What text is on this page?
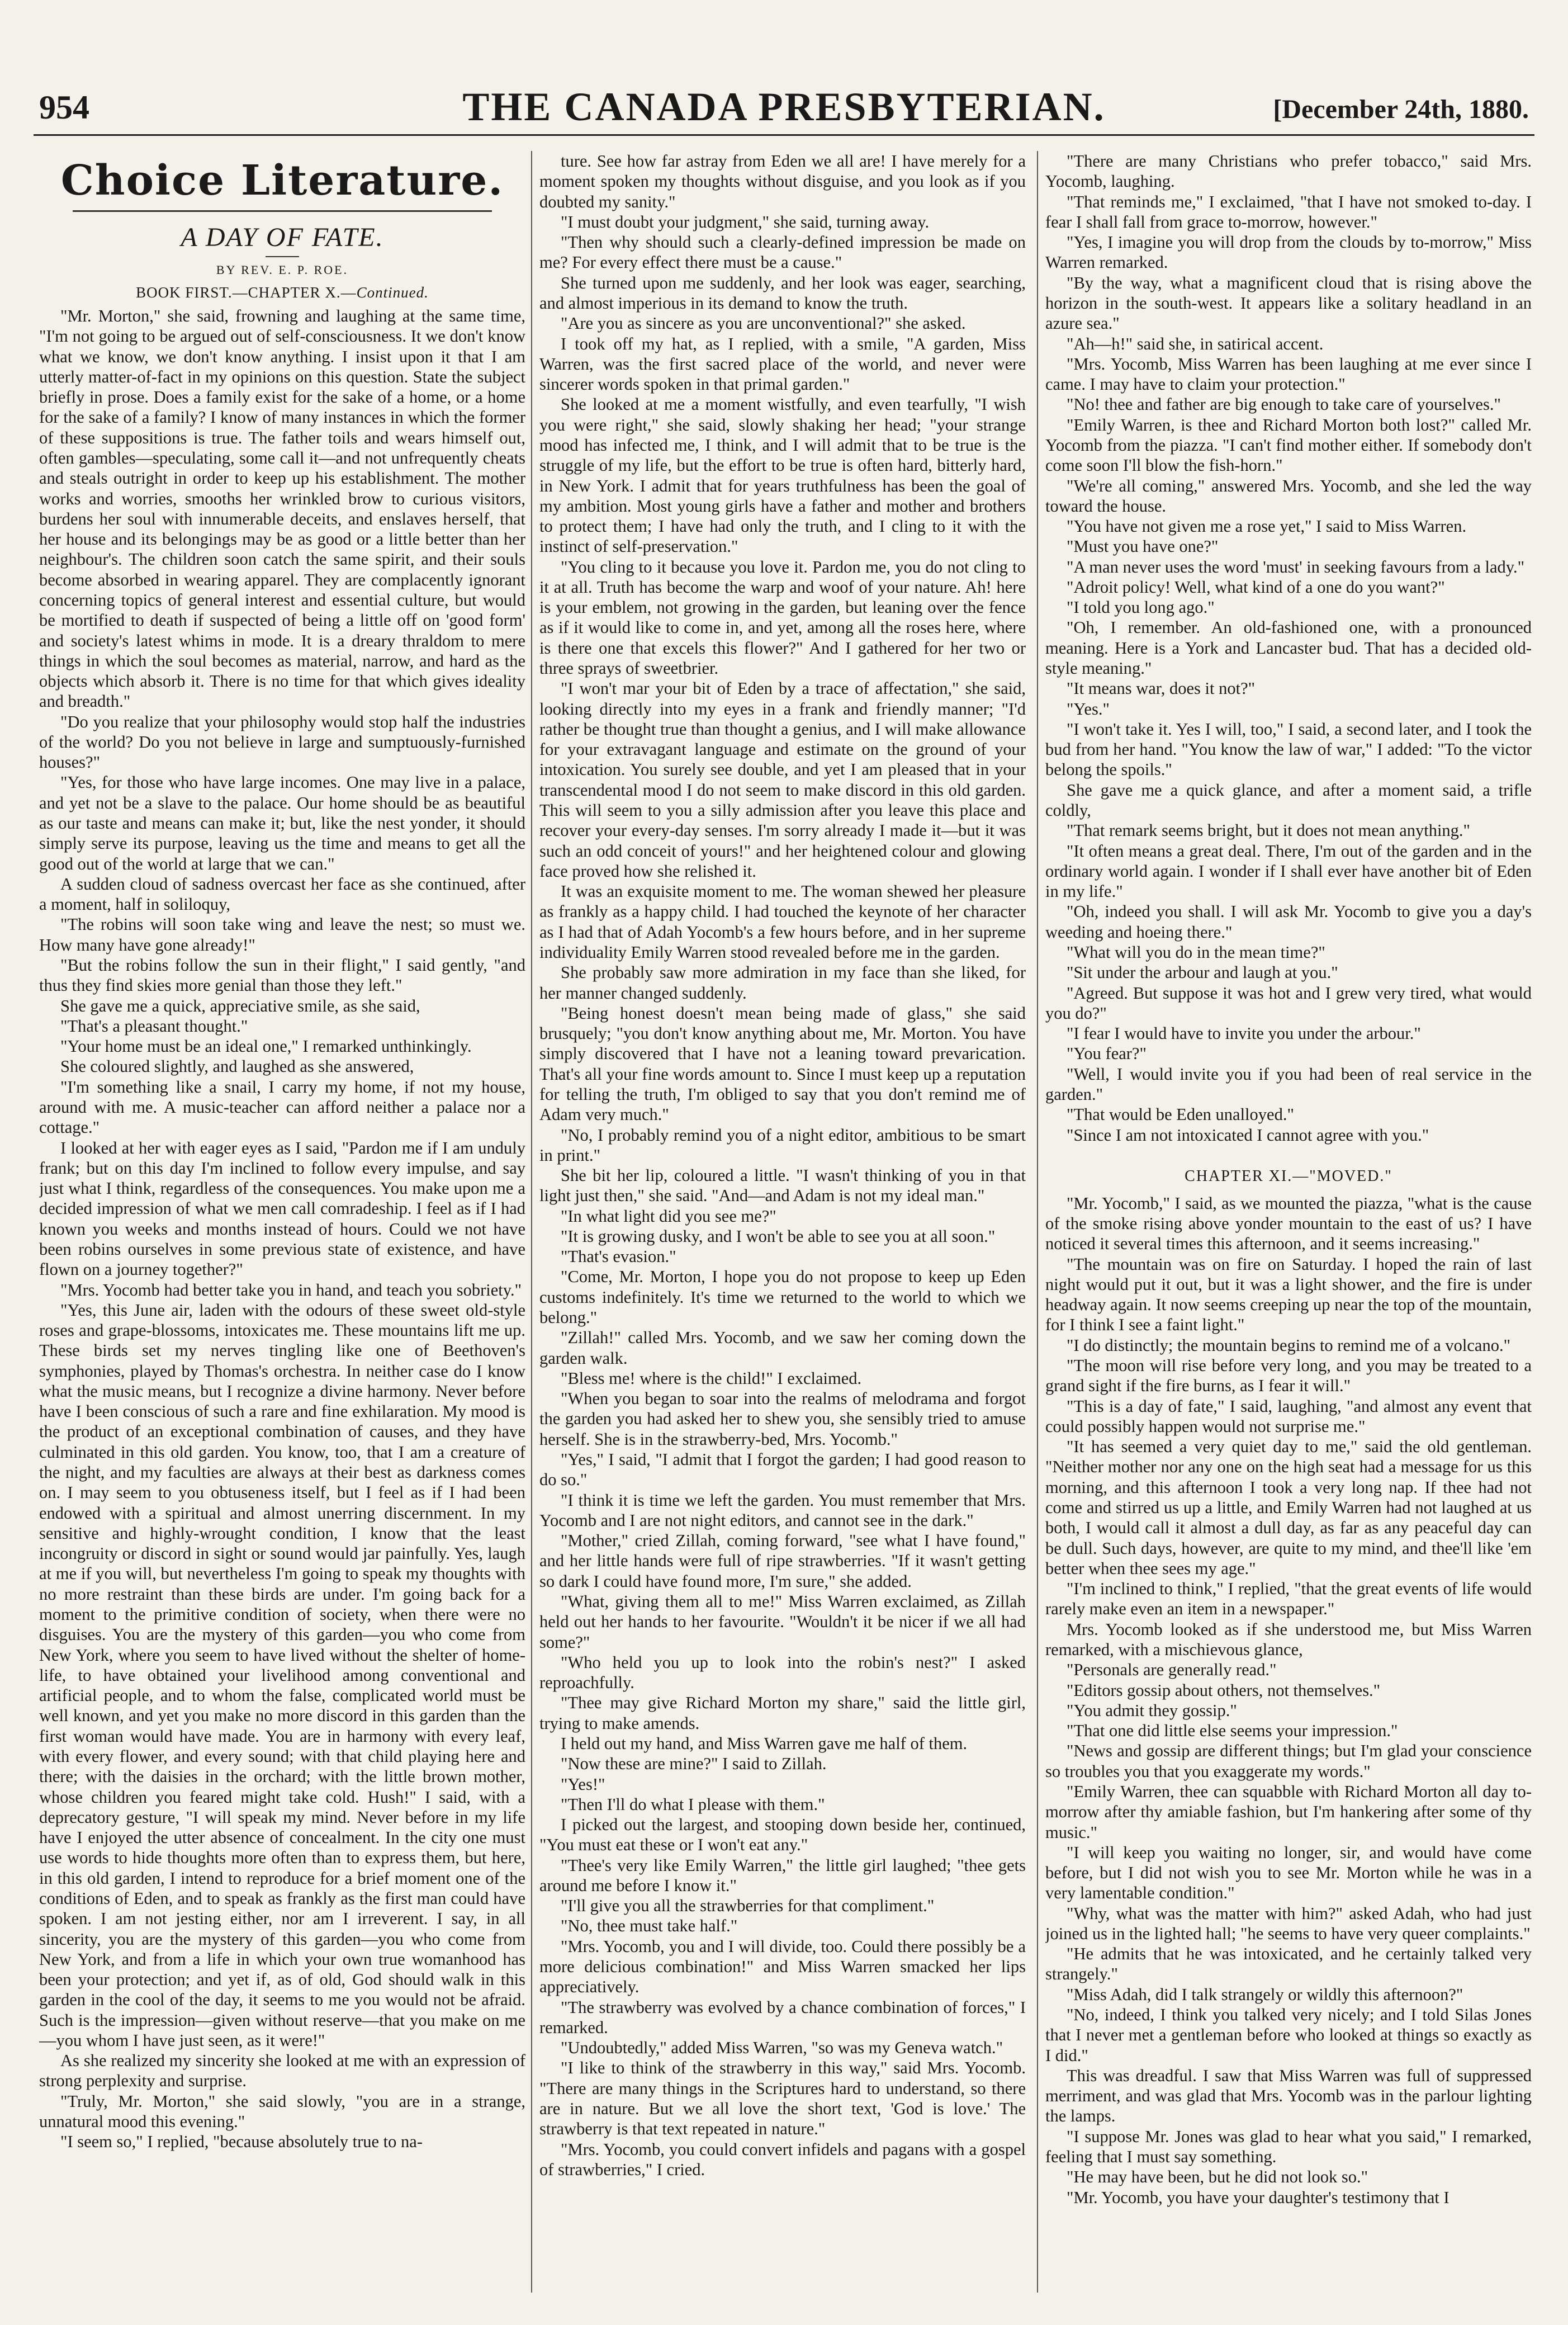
954	THE CANADA PRESBYTERIAN.	[December 24th, 1880.
Choice Literature.
A DAY OF FATE.
BY REV. E. P. ROE.
BOOK FIRST.—CHAPTER X.—Continued.

"Mr. Morton," she said, frowning and laughing at the same time, "I'm not going to be argued out of self-consciousness. It we don't know what we know, we don't know anything. I insist upon it that I am utterly matter-of-fact in my opinions on this question. State the subject briefly in prose. Does a family exist for the sake of a home, or a home for the sake of a family? I know of many instances in which the former of these suppositions is true. The father toils and wears himself out, often gambles—speculating, some call it—and not unfrequently cheats and steals outright in order to keep up his establishment. The mother works and worries, smooths her wrinkled brow to curious visitors, burdens her soul with innumerable deceits, and enslaves herself, that her house and its belongings may be as good or a little better than her neighbour's. The children soon catch the same spirit, and their souls become absorbed in wearing apparel. They are complacently ignorant concerning topics of general interest and essential culture, but would be mortified to death if suspected of being a little off on 'good form' and society's latest whims in mode. It is a dreary thraldom to mere things in which the soul becomes as material, narrow, and hard as the objects which absorb it. There is no time for that which gives ideality and breadth."

"Do you realize that your philosophy would stop half the industries of the world? Do you not believe in large and sumptuously-furnished houses?"

"Yes, for those who have large incomes. One may live in a palace, and yet not be a slave to the palace. Our home should be as beautiful as our taste and means can make it; but, like the nest yonder, it should simply serve its purpose, leaving us the time and means to get all the good out of the world at large that we can."

A sudden cloud of sadness overcast her face as she continued, after a moment, half in soliloquy,

"The robins will soon take wing and leave the nest; so must we. How many have gone already!"

"But the robins follow the sun in their flight," I said gently, "and thus they find skies more genial than those they left."

She gave me a quick, appreciative smile, as she said,

"That's a pleasant thought."

"Your home must be an ideal one," I remarked unthinkingly.

She coloured slightly, and laughed as she answered,

"I'm something like a snail, I carry my home, if not my house, around with me. A music-teacher can afford neither a palace nor a cottage."

I looked at her with eager eyes as I said, "Pardon me if I am unduly frank; but on this day I'm inclined to follow every impulse, and say just what I think, regardless of the consequences. You make upon me a decided impression of what we men call comradeship. I feel as if I had known you weeks and months instead of hours. Could we not have been robins ourselves in some previous state of existence, and have flown on a journey together?"

"Mrs. Yocomb had better take you in hand, and teach you sobriety."

"Yes, this June air, laden with the odours of these sweet old-style roses and grape-blossoms, intoxicates me. These mountains lift me up. These birds set my nerves tingling like one of Beethoven's symphonies, played by Thomas's orchestra. In neither case do I know what the music means, but I recognize a divine harmony. Never before have I been conscious of such a rare and fine exhilaration. My mood is the product of an exceptional combination of causes, and they have culminated in this old garden. You know, too, that I am a creature of the night, and my faculties are always at their best as darkness comes on. I may seem to you obtuseness itself, but I feel as if I had been endowed with a spiritual and almost unerring discernment. In my sensitive and highly-wrought condition, I know that the least incongruity or discord in sight or sound would jar painfully. Yes, laugh at me if you will, but nevertheless I'm going to speak my thoughts with no more restraint than these birds are under. I'm going back for a moment to the primitive condition of society, when there were no disguises. You are the mystery of this garden—you who come from New York, where you seem to have lived without the shelter of home-life, to have obtained your livelihood among conventional and artificial people, and to whom the false, complicated world must be well known, and yet you make no more discord in this garden than the first woman would have made. You are in harmony with every leaf, with every flower, and every sound; with that child playing here and there; with the daisies in the orchard; with the little brown mother, whose children you feared might take cold. Hush!" I said, with a deprecatory gesture, "I will speak my mind. Never before in my life have I enjoyed the utter absence of concealment. In the city one must use words to hide thoughts more often than to express them, but here, in this old garden, I intend to reproduce for a brief moment one of the conditions of Eden, and to speak as frankly as the first man could have spoken. I am not jesting either, nor am I irreverent. I say, in all sincerity, you are the mystery of this garden—you who come from New York, and from a life in which your own true womanhood has been your protection; and yet if, as of old, God should walk in this garden in the cool of the day, it seems to me you would not be afraid. Such is the impression—given without reserve—that you make on me—you whom I have just seen, as it were!"

As she realized my sincerity she looked at me with an expression of strong perplexity and surprise.

"Truly, Mr. Morton," she said slowly, "you are in a strange, unnatural mood this evening."

"I seem so," I replied, "because absolutely true to na-

ture. See how far astray from Eden we all are! I have merely for a moment spoken my thoughts without disguise, and you look as if you doubted my sanity."

"I must doubt your judgment," she said, turning away.

"Then why should such a clearly-defined impression be made on me? For every effect there must be a cause."

She turned upon me suddenly, and her look was eager, searching, and almost imperious in its demand to know the truth.

"Are you as sincere as you are unconventional?" she asked.

I took off my hat, as I replied, with a smile, "A garden, Miss Warren, was the first sacred place of the world, and never were sincerer words spoken in that primal garden."

She looked at me a moment wistfully, and even tearfully, "I wish you were right," she said, slowly shaking her head; "your strange mood has infected me, I think, and I will admit that to be true is the struggle of my life, but the effort to be true is often hard, bitterly hard, in New York. I admit that for years truthfulness has been the goal of my ambition. Most young girls have a father and mother and brothers to protect them; I have had only the truth, and I cling to it with the instinct of self-preservation."

"You cling to it because you love it. Pardon me, you do not cling to it at all. Truth has become the warp and woof of your nature. Ah! here is your emblem, not growing in the garden, but leaning over the fence as if it would like to come in, and yet, among all the roses here, where is there one that excels this flower?" And I gathered for her two or three sprays of sweetbrier.

"I won't mar your bit of Eden by a trace of affectation," she said, looking directly into my eyes in a frank and friendly manner; "I'd rather be thought true than thought a genius, and I will make allowance for your extravagant language and estimate on the ground of your intoxication. You surely see double, and yet I am pleased that in your transcendental mood I do not seem to make discord in this old garden. This will seem to you a silly admission after you leave this place and recover your every-day senses. I'm sorry already I made it—but it was such an odd conceit of yours!" and her heightened colour and glowing face proved how she relished it.

It was an exquisite moment to me. The woman shewed her pleasure as frankly as a happy child. I had touched the keynote of her character as I had that of Adah Yocomb's a few hours before, and in her supreme individuality Emily Warren stood revealed before me in the garden.

She probably saw more admiration in my face than she liked, for her manner changed suddenly.

"Being honest doesn't mean being made of glass," she said brusquely; "you don't know anything about me, Mr. Morton. You have simply discovered that I have not a leaning toward prevarication. That's all your fine words amount to. Since I must keep up a reputation for telling the truth, I'm obliged to say that you don't remind me of Adam very much."

"No, I probably remind you of a night editor, ambitious to be smart in print."

She bit her lip, coloured a little. "I wasn't thinking of you in that light just then," she said. "And—and Adam is not my ideal man."

"In what light did you see me?"

"It is growing dusky, and I won't be able to see you at all soon."

"That's evasion."

"Come, Mr. Morton, I hope you do not propose to keep up Eden customs indefinitely. It's time we returned to the world to which we belong."

"Zillah!" called Mrs. Yocomb, and we saw her coming down the garden walk.

"Bless me! where is the child!" I exclaimed.

"When you began to soar into the realms of melodrama and forgot the garden you had asked her to shew you, she sensibly tried to amuse herself. She is in the strawberry-bed, Mrs. Yocomb."

"Yes," I said, "I admit that I forgot the garden; I had good reason to do so."

"I think it is time we left the garden. You must remember that Mrs. Yocomb and I are not night editors, and cannot see in the dark."

"Mother," cried Zillah, coming forward, "see what I have found," and her little hands were full of ripe strawberries. "If it wasn't getting so dark I could have found more, I'm sure," she added.

"What, giving them all to me!" Miss Warren exclaimed, as Zillah held out her hands to her favourite. "Wouldn't it be nicer if we all had some?"

"Who held you up to look into the robin's nest?" I asked reproachfully.

"Thee may give Richard Morton my share," said the little girl, trying to make amends.

I held out my hand, and Miss Warren gave me half of them.

"Now these are mine?" I said to Zillah.

"Yes!"

"Then I'll do what I please with them."

I picked out the largest, and stooping down beside her, continued, "You must eat these or I won't eat any."

"Thee's very like Emily Warren," the little girl laughed; "thee gets around me before I know it."

"I'll give you all the strawberries for that compliment."

"No, thee must take half."

"Mrs. Yocomb, you and I will divide, too. Could there possibly be a more delicious combination!" and Miss Warren smacked her lips appreciatively.

"The strawberry was evolved by a chance combination of forces," I remarked.

"Undoubtedly," added Miss Warren, "so was my Geneva watch."

"I like to think of the strawberry in this way," said Mrs. Yocomb. "There are many things in the Scriptures hard to understand, so there are in nature. But we all love the short text, 'God is love.' The strawberry is that text repeated in nature."

"Mrs. Yocomb, you could convert infidels and pagans with a gospel of strawberries," I cried.

"There are many Christians who prefer tobacco," said Mrs. Yocomb, laughing.

"That reminds me," I exclaimed, "that I have not smoked to-day. I fear I shall fall from grace to-morrow, however."

"Yes, I imagine you will drop from the clouds by to-morrow," Miss Warren remarked.

"By the way, what a magnificent cloud that is rising above the horizon in the south-west. It appears like a solitary headland in an azure sea."

"Ah—h!" said she, in satirical accent.

"Mrs. Yocomb, Miss Warren has been laughing at me ever since I came. I may have to claim your protection."

"No! thee and father are big enough to take care of yourselves."

"Emily Warren, is thee and Richard Morton both lost?" called Mr. Yocomb from the piazza. "I can't find mother either. If somebody don't come soon I'll blow the fish-horn."

"We're all coming," answered Mrs. Yocomb, and she led the way toward the house.

"You have not given me a rose yet," I said to Miss Warren.

"Must you have one?"

"A man never uses the word 'must' in seeking favours from a lady."

"Adroit policy! Well, what kind of a one do you want?"

"I told you long ago."

"Oh, I remember. An old-fashioned one, with a pronounced meaning. Here is a York and Lancaster bud. That has a decided old-style meaning."

"It means war, does it not?"

"Yes."

"I won't take it. Yes I will, too," I said, a second later, and I took the bud from her hand. "You know the law of war," I added: "To the victor belong the spoils."

She gave me a quick glance, and after a moment said, a trifle coldly,

"That remark seems bright, but it does not mean anything."

"It often means a great deal. There, I'm out of the garden and in the ordinary world again. I wonder if I shall ever have another bit of Eden in my life."

"Oh, indeed you shall. I will ask Mr. Yocomb to give you a day's weeding and hoeing there."

"What will you do in the mean time?"

"Sit under the arbour and laugh at you."

"Agreed. But suppose it was hot and I grew very tired, what would you do?"

"I fear I would have to invite you under the arbour."

"You fear?"

"Well, I would invite you if you had been of real service in the garden."

"That would be Eden unalloyed."

"Since I am not intoxicated I cannot agree with you."

CHAPTER XI.—"MOVED."

"Mr. Yocomb," I said, as we mounted the piazza, "what is the cause of the smoke rising above yonder mountain to the east of us? I have noticed it several times this afternoon, and it seems increasing."

"The mountain was on fire on Saturday. I hoped the rain of last night would put it out, but it was a light shower, and the fire is under headway again. It now seems creeping up near the top of the mountain, for I think I see a faint light."

"I do distinctly; the mountain begins to remind me of a volcano."

"The moon will rise before very long, and you may be treated to a grand sight if the fire burns, as I fear it will."

"This is a day of fate," I said, laughing, "and almost any event that could possibly happen would not surprise me."

"It has seemed a very quiet day to me," said the old gentleman. "Neither mother nor any one on the high seat had a message for us this morning, and this afternoon I took a very long nap. If thee had not come and stirred us up a little, and Emily Warren had not laughed at us both, I would call it almost a dull day, as far as any peaceful day can be dull. Such days, however, are quite to my mind, and thee'll like 'em better when thee sees my age."

"I'm inclined to think," I replied, "that the great events of life would rarely make even an item in a newspaper."

Mrs. Yocomb looked as if she understood me, but Miss Warren remarked, with a mischievous glance,

"Personals are generally read."

"Editors gossip about others, not themselves."

"You admit they gossip."

"That one did little else seems your impression."

"News and gossip are different things; but I'm glad your conscience so troubles you that you exaggerate my words."

"Emily Warren, thee can squabble with Richard Morton all day to-morrow after thy amiable fashion, but I'm hankering after some of thy music."

"I will keep you waiting no longer, sir, and would have come before, but I did not wish you to see Mr. Morton while he was in a very lamentable condition."

"Why, what was the matter with him?" asked Adah, who had just joined us in the lighted hall; "he seems to have very queer complaints."

"He admits that he was intoxicated, and he certainly talked very strangely."

"Miss Adah, did I talk strangely or wildly this afternoon?"

"No, indeed, I think you talked very nicely; and I told Silas Jones that I never met a gentleman before who looked at things so exactly as I did."

This was dreadful. I saw that Miss Warren was full of suppressed merriment, and was glad that Mrs. Yocomb was in the parlour lighting the lamps.

"I suppose Mr. Jones was glad to hear what you said," I remarked, feeling that I must say something.

"He may have been, but he did not look so."

"Mr. Yocomb, you have your daughter's testimony that I
